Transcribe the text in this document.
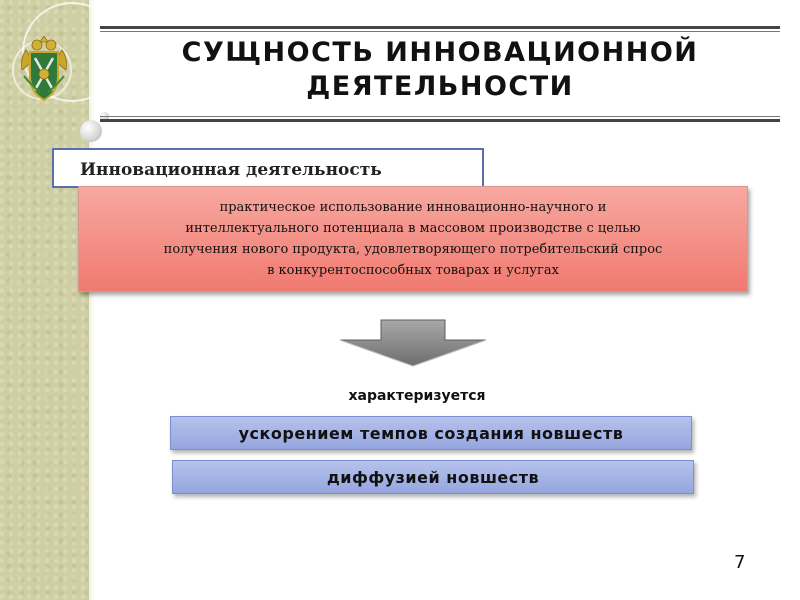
СУЩНОСТЬ ИННОВАЦИОННОЙ
ДЕЯТЕЛЬНОСТИ
Инновационная деятельность

практическое использование инновационно-научного и
интеллектуального потенциала в массовом производстве с целью
получения нового продукта, удовлетворяющего потребительский спрос
в конкурентоспособных товарах и услугах

характеризуется
ускорением темпов создания новшеств
диффузией новшеств
7
